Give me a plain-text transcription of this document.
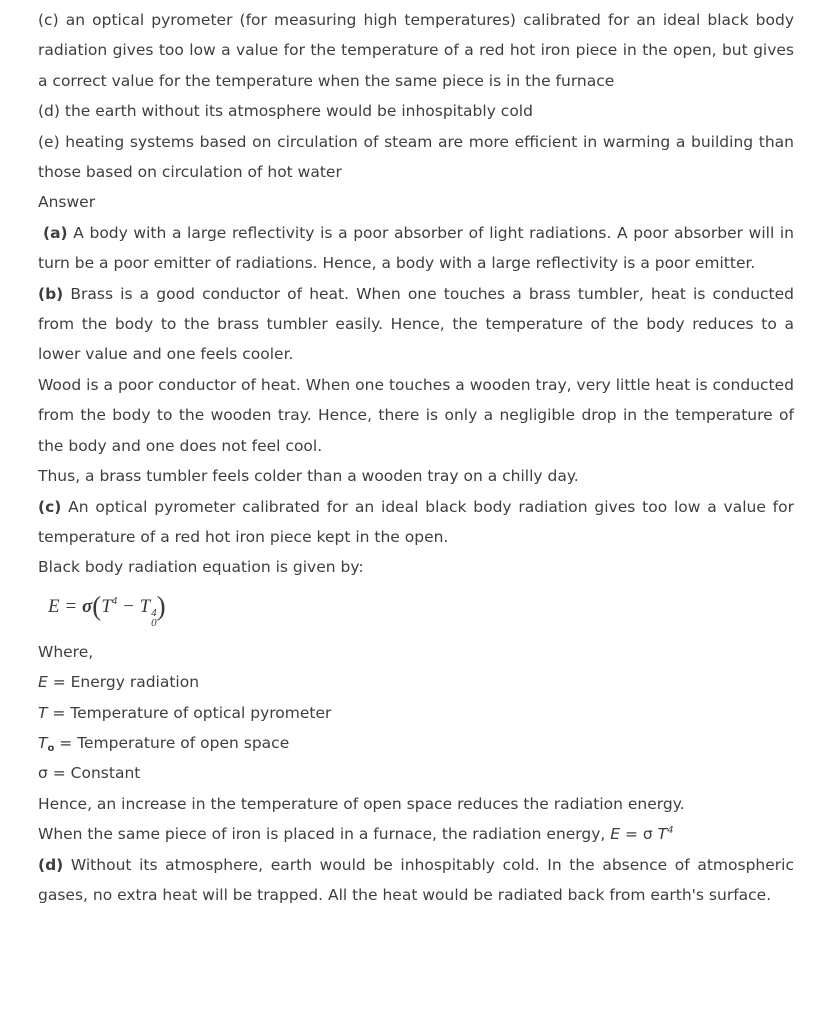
(c) an optical pyrometer (for measuring high temperatures) calibrated for an ideal black body radiation gives too low a value for the temperature of a red hot iron piece in the open, but gives a correct value for the temperature when the same piece is in the furnace

(d) the earth without its atmosphere would be inhospitably cold

(e) heating systems based on circulation of steam are more efficient in warming a building than those based on circulation of hot water

Answer

(a) A body with a large reflectivity is a poor absorber of light radiations. A poor absorber will in turn be a poor emitter of radiations. Hence, a body with a large reflectivity is a poor emitter.

(b) Brass is a good conductor of heat. When one touches a brass tumbler, heat is conducted from the body to the brass tumbler easily. Hence, the temperature of the body reduces to a lower value and one feels cooler.

Wood is a poor conductor of heat. When one touches a wooden tray, very little heat is conducted from the body to the wooden tray. Hence, there is only a negligible drop in the temperature of the body and one does not feel cool.

Thus, a brass tumbler feels colder than a wooden tray on a chilly day.

(c) An optical pyrometer calibrated for an ideal black body radiation gives too low a value for temperature of a red hot iron piece kept in the open.

Black body radiation equation is given by:

$E = \sigma(T^4 - T$ 4
0
)

Where,

E = Energy radiation

T = Temperature of optical pyrometer

$T_o$ = Temperature of open space

σ = Constant

Hence, an increase in the temperature of open space reduces the radiation energy.

When the same piece of iron is placed in a furnace, the radiation energy, E = σ $T^4$

(d) Without its atmosphere, earth would be inhospitably cold. In the absence of atmospheric gases, no extra heat will be trapped. All the heat would be radiated back from earth's surface.
